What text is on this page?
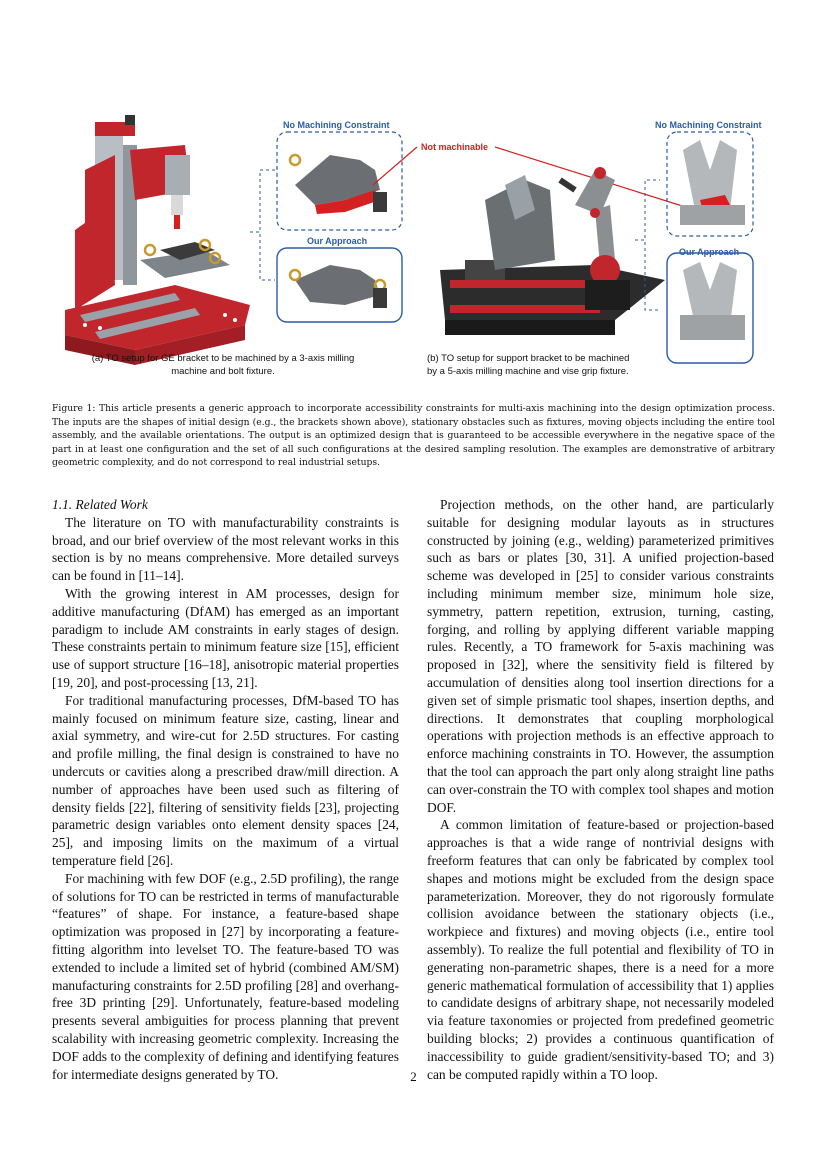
No Machining Constraint
Our Approach
Not machinable
No Machining Constraint
Our Approach
(a) TO setup for GE bracket to be machined by a 3-axis milling
machine and bolt fixture.
(b) TO setup for support bracket to be machined
by a 5-axis milling machine and vise grip fixture.
Figure 1: This article presents a generic approach to incorporate accessibility constraints for multi-axis machining into the design optimization process. The inputs are the shapes of initial design (e.g., the brackets shown above), stationary obstacles such as fixtures, moving objects including the entire tool assembly, and the available orientations. The output is an optimized design that is guaranteed to be accessible everywhere in the negative space of the part in at least one configuration and the set of all such configurations at the desired sampling resolution. The examples are demonstrative of arbitrary geometric complexity, and do not correspond to real industrial setups.

1.1. Related Work

The literature on TO with manufacturability constraints is broad, and our brief overview of the most relevant works in this section is by no means comprehensive. More detailed surveys can be found in [11–14].

With the growing interest in AM processes, design for additive manufacturing (DfAM) has emerged as an important paradigm to include AM constraints in early stages of design. These constraints pertain to minimum feature size [15], efficient use of support structure [16–18], anisotropic material properties [19, 20], and post-processing [13, 21].

For traditional manufacturing processes, DfM-based TO has mainly focused on minimum feature size, casting, linear and axial symmetry, and wire-cut for 2.5D structures. For casting and profile milling, the final design is constrained to have no undercuts or cavities along a prescribed draw/mill direction. A number of approaches have been used such as filtering of density fields [22], filtering of sensitivity fields [23], projecting parametric design variables onto element density spaces [24, 25], and imposing limits on the maximum of a virtual temperature field [26].

For machining with few DOF (e.g., 2.5D profiling), the range of solutions for TO can be restricted in terms of manufacturable “features” of shape. For instance, a feature-based shape optimization was proposed in [27] by incorporating a feature-fitting algorithm into levelset TO. The feature-based TO was extended to include a limited set of hybrid (combined AM/SM) manufacturing constraints for 2.5D profiling [28] and overhang-free 3D printing [29]. Unfortunately, feature-based modeling presents several ambiguities for process planning that prevent scalability with increasing geometric complexity. Increasing the DOF adds to the complexity of defining and identifying features for intermediate designs generated by TO.

Projection methods, on the other hand, are particularly suitable for designing modular layouts as in structures constructed by joining (e.g., welding) parameterized primitives such as bars or plates [30, 31]. A unified projection-based scheme was developed in [25] to consider various constraints including minimum member size, minimum hole size, symmetry, pattern repetition, extrusion, turning, casting, forging, and rolling by applying different variable mapping rules. Recently, a TO framework for 5-axis machining was proposed in [32], where the sensitivity field is filtered by accumulation of densities along tool insertion directions for a given set of simple prismatic tool shapes, insertion depths, and directions. It demonstrates that coupling morphological operations with projection methods is an effective approach to enforce machining constraints in TO. However, the assumption that the tool can approach the part only along straight line paths can over-constrain the TO with complex tool shapes and motion DOF.

A common limitation of feature-based or projection-based approaches is that a wide range of nontrivial designs with freeform features that can only be fabricated by complex tool shapes and motions might be excluded from the design space parameterization. Moreover, they do not rigorously formulate collision avoidance between the stationary objects (i.e., workpiece and fixtures) and moving objects (i.e., entire tool assembly). To realize the full potential and flexibility of TO in generating non-parametric shapes, there is a need for a more generic mathematical formulation of accessibility that 1) applies to candidate designs of arbitrary shape, not necessarily modeled via feature taxonomies or projected from predefined geometric building blocks; 2) provides a continuous quantification of inaccessibility to guide gradient/sensitivity-based TO; and 3) can be computed rapidly within a TO loop.

2
